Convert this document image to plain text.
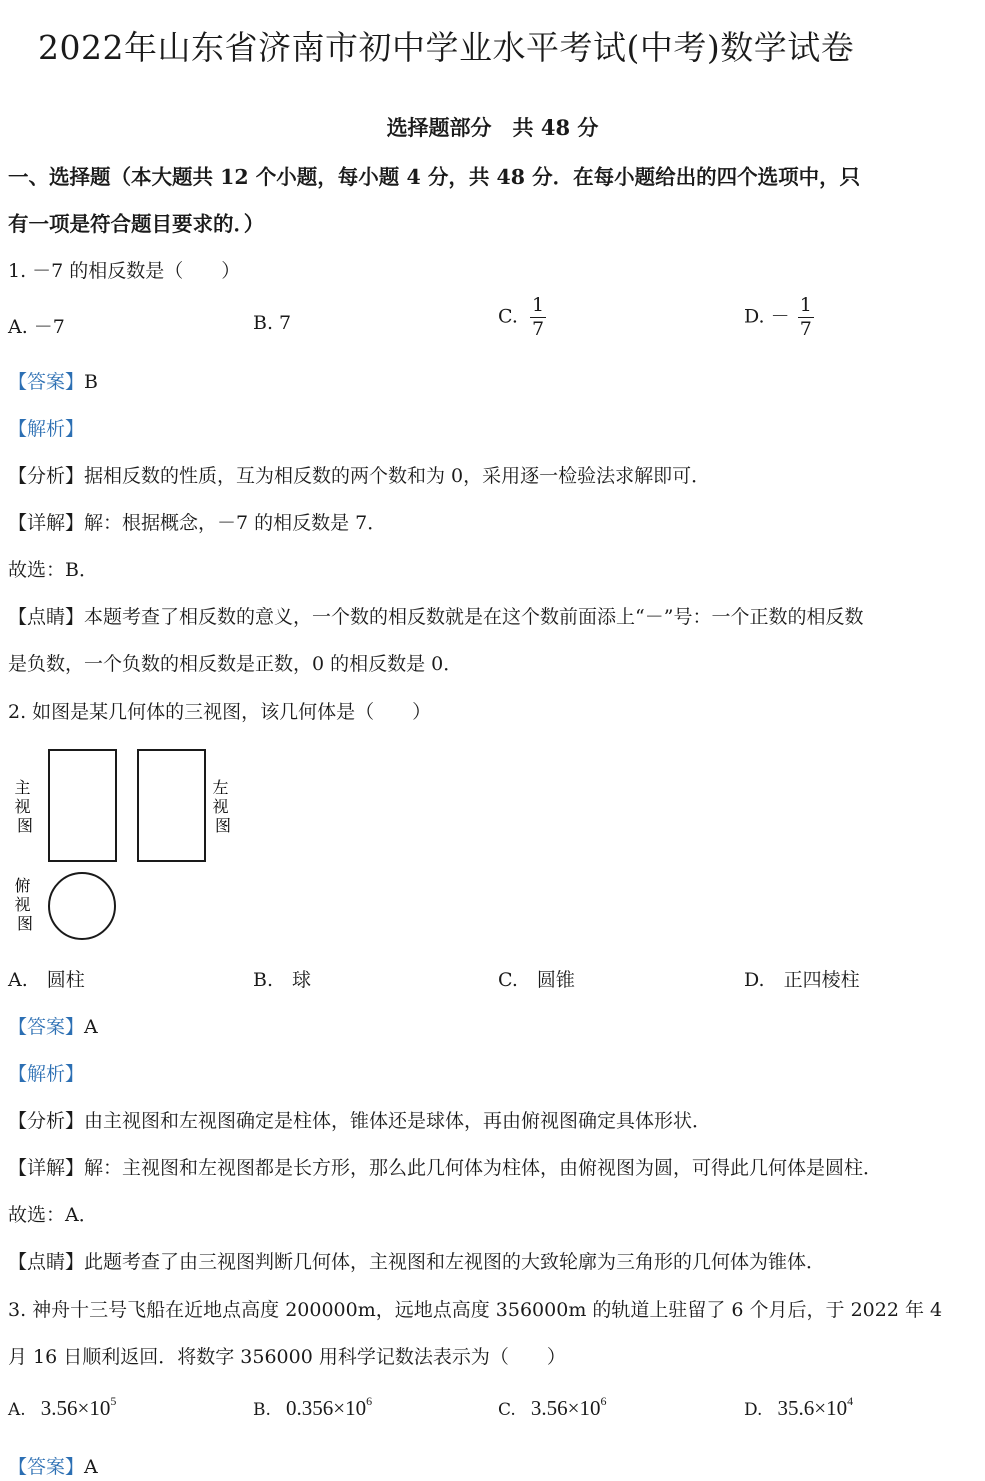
2022年山东省济南市初中学业水平考试(中考)数学试卷
选择题部分　共 48 分
一、选择题（本大题共 12 个小题，每小题 4 分，共 48 分．在每小题给出的四个选项中，只
有一项是符合题目要求的．）
1. －7 的相反数是（　　）
A. －7	B. 7	C. $\frac{1}{7}$	D. － $\frac{1}{7}$
【答案】B
【解析】
【分析】据相反数的性质，互为相反数的两个数和为 0，采用逐一检验法求解即可．
【详解】解：根据概念，－7 的相反数是 7．
故选：B．
【点睛】本题考查了相反数的意义，一个数的相反数就是在这个数前面添上“－”号：一个正数的相反数
是负数，一个负数的相反数是正数，0 的相反数是 0．
2. 如图是某几何体的三视图，该几何体是（　　）
主 视 图
左 视 图
俯 视 图
A.　圆柱	B.　球	C.　圆锥	D.　正四棱柱
【答案】A
【解析】
【分析】由主视图和左视图确定是柱体，锥体还是球体，再由俯视图确定具体形状．
【详解】解：主视图和左视图都是长方形，那么此几何体为柱体，由俯视图为圆，可得此几何体是圆柱．
故选：A．
【点睛】此题考查了由三视图判断几何体，主视图和左视图的大致轮廓为三角形的几何体为锥体．
3. 神舟十三号飞船在近地点高度 200000m，远地点高度 356000m 的轨道上驻留了 6 个月后，于 2022 年 4
月 16 日顺利返回．将数字 356000 用科学记数法表示为（　　）
A. $3.56\times 10^5$	B. $0.356\times 10^6$	C. $3.56\times 10^6$	D. $35.6\times 10^4$
【答案】A
